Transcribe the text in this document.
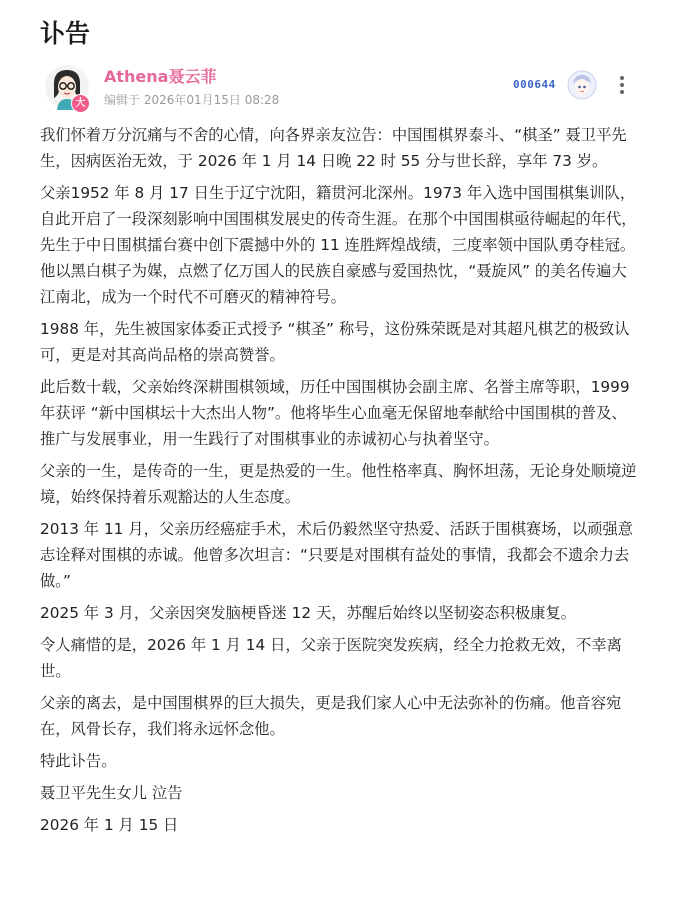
讣告
大
Athena聂云菲
编辑于 2026年01月15日 08:28
000644

我们怀着万分沉痛与不舍的心情，向各界亲友泣告：中国围棋界泰斗、“棋圣” 聂卫平先生，因病医治无效，于 2026 年 1 月 14 日晚 22 时 55 分与世长辞，享年 73 岁。

父亲1952 年 8 月 17 日生于辽宁沈阳，籍贯河北深州。1973 年入选中国围棋集训队，自此开启了一段深刻影响中国围棋发展史的传奇生涯。在那个中国围棋亟待崛起的年代，先生于中日围棋擂台赛中创下震撼中外的 11 连胜辉煌战绩，三度率领中国队勇夺桂冠。他以黑白棋子为媒，点燃了亿万国人的民族自豪感与爱国热忱，“聂旋风” 的美名传遍大江南北，成为一个时代不可磨灭的精神符号。

1988 年，先生被国家体委正式授予 “棋圣” 称号，这份殊荣既是对其超凡棋艺的极致认可，更是对其高尚品格的崇高赞誉。

此后数十载，父亲始终深耕围棋领域，历任中国围棋协会副主席、名誉主席等职，1999 年获评 “新中国棋坛十大杰出人物”。他将毕生心血毫无保留地奉献给中国围棋的普及、推广与发展事业，用一生践行了对围棋事业的赤诚初心与执着坚守。

父亲的一生，是传奇的一生，更是热爱的一生。他性格率真、胸怀坦荡，无论身处顺境逆境，始终保持着乐观豁达的人生态度。

2013 年 11 月，父亲历经癌症手术，术后仍毅然坚守热爱、活跃于围棋赛场，以顽强意志诠释对围棋的赤诚。他曾多次坦言：“只要是对围棋有益处的事情，我都会不遗余力去做。”

2025 年 3 月，父亲因突发脑梗昏迷 12 天，苏醒后始终以坚韧姿态积极康复。

令人痛惜的是，2026 年 1 月 14 日，父亲于医院突发疾病，经全力抢救无效，不幸离世。

父亲的离去，是中国围棋界的巨大损失，更是我们家人心中无法弥补的伤痛。他音容宛在，风骨长存，我们将永远怀念他。

特此讣告。

聂卫平先生女儿 泣告

2026 年 1 月 15 日
